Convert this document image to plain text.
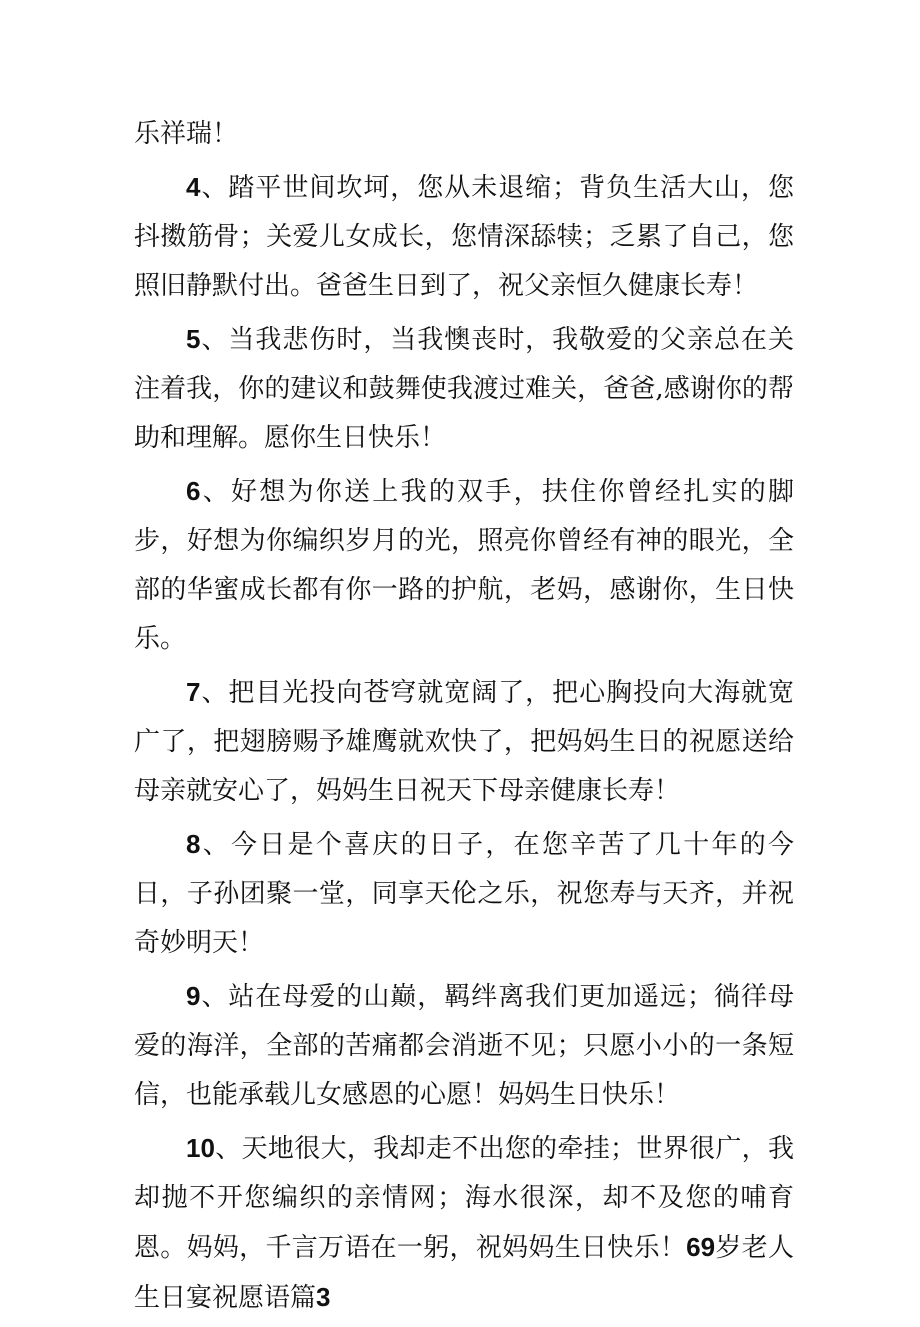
乐祥瑞！

4、踏平世间坎坷，您从未退缩；背负生活大山，您抖擞筋骨；关爱儿女成长，您情深舔犊；乏累了自己，您照旧静默付出。爸爸生日到了，祝父亲恒久健康长寿！

5、当我悲伤时，当我懊丧时，我敬爱的父亲总在关注着我，你的建议和鼓舞使我渡过难关，爸爸,感谢你的帮助和理解。愿你生日快乐！

6、好想为你送上我的双手，扶住你曾经扎实的脚步，好想为你编织岁月的光，照亮你曾经有神的眼光，全部的华蜜成长都有你一路的护航，老妈，感谢你，生日快乐。

7、把目光投向苍穹就宽阔了，把心胸投向大海就宽广了，把翅膀赐予雄鹰就欢快了，把妈妈生日的祝愿送给母亲就安心了，妈妈生日祝天下母亲健康长寿！

8、今日是个喜庆的日子，在您辛苦了几十年的今日，子孙团聚一堂，同享天伦之乐，祝您寿与天齐，并祝奇妙明天！

9、站在母爱的山巅，羁绊离我们更加遥远；徜徉母爱的海洋，全部的苦痛都会消逝不见；只愿小小的一条短信，也能承载儿女感恩的心愿！妈妈生日快乐！

10、天地很大，我却走不出您的牵挂；世界很广，我却抛不开您编织的亲情网；海水很深，却不及您的哺育恩。妈妈，千言万语在一躬，祝妈妈生日快乐！69岁老人生日宴祝愿语篇3
